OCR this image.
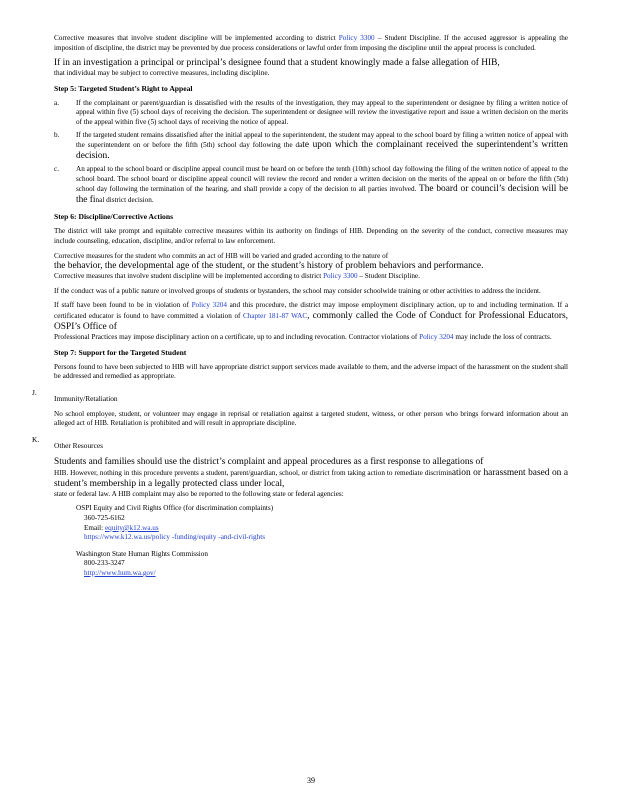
Corrective measures that involve student discipline will be implemented according to district Policy 3300 – Student Discipline. If the accused aggressor is appealing the imposition of discipline, the district may be prevented by due process considerations or lawful order from imposing the discipline until the appeal process is concluded.

If in an investigation a principal or principal’s designee found that a student knowingly made a false allegation of HIB,
that individual may be subject to corrective measures, including discipline.

Step 5: Targeted Student’s Right to Appeal
a. If the complainant or parent/guardian is dissatisfied with the results of the investigation, they may appeal to the superintendent or designee by filing a written notice of appeal within five (5) school days of receiving the decision. The superintendent or designee will review the investigative report and issue a written decision on the merits of the appeal within five (5) school days of receiving the notice of appeal.
b. If the targeted student remains dissatisfied after the initial appeal to the superintendent, the student may appeal to the school board by filing a written notice of appeal with the superintendent on or before the fifth (5th) school day following the date upon which the complainant received the superintendent’s written decision.
c. An appeal to the school board or discipline appeal council must be heard on or before the tenth (10th) school day following the filing of the written notice of appeal to the school board. The school board or discipline appeal council will review the record and render a written decision on the merits of the appeal on or before the fifth (5th) school day following the termination of the hearing, and shall provide a copy of the decision to all parties involved. The board or council’s decision will be the final district decision.
Step 6: Discipline/Corrective Actions

The district will take prompt and equitable corrective measures within its authority on findings of HIB. Depending on the severity of the conduct, corrective measures may include counseling, education, discipline, and/or referral to law enforcement.

Corrective measures for the student who commits an act of HIB will be varied and graded according to the nature of
the behavior, the developmental age of the student, or the student’s history of problem behaviors and performance.
Corrective measures that involve student discipline will be implemented according to district Policy 3300 – Student Discipline.

If the conduct was of a public nature or involved groups of students or bystanders, the school may consider schoolwide training or other activities to address the incident.

If staff have been found to be in violation of Policy 3204 and this procedure, the district may impose employment disciplinary action, up to and including termination. If a certificated educator is found to have committed a violation of Chapter 181-87 WAC, commonly called the Code of Conduct for Professional Educators, OSPI’s Office of
Professional Practices may impose disciplinary action on a certificate, up to and including revocation. Contractor violations of Policy 3204 may include the loss of contracts.

Step 7: Support for the Targeted Student

Persons found to have been subjected to HIB will have appropriate district support services made available to them, and the adverse impact of the harassment on the student shall be addressed and remedied as appropriate.

J.
Immunity/Retaliation

No school employee, student, or volunteer may engage in reprisal or retaliation against a targeted student, witness, or other person who brings forward information about an alleged act of HIB. Retaliation is prohibited and will result in appropriate discipline.

K.
Other Resources

Students and families should use the district’s complaint and appeal procedures as a first response to allegations of
HIB. However, nothing in this procedure prevents a student, parent/guardian, school, or district from taking action to remediate discrimination or harassment based on a student’s membership in a legally protected class under local,
state or federal law. A HIB complaint may also be reported to the following state or federal agencies:

OSPI Equity and Civil Rights Office (for discrimination complaints)
360-725-6162
Email: equity@k12.wa.us
https://www.k12.wa.us/policy -funding/equity -and-civil-rights
Washington State Human Rights Commission
800-233-3247
http://www.hum.wa.gov/
39
